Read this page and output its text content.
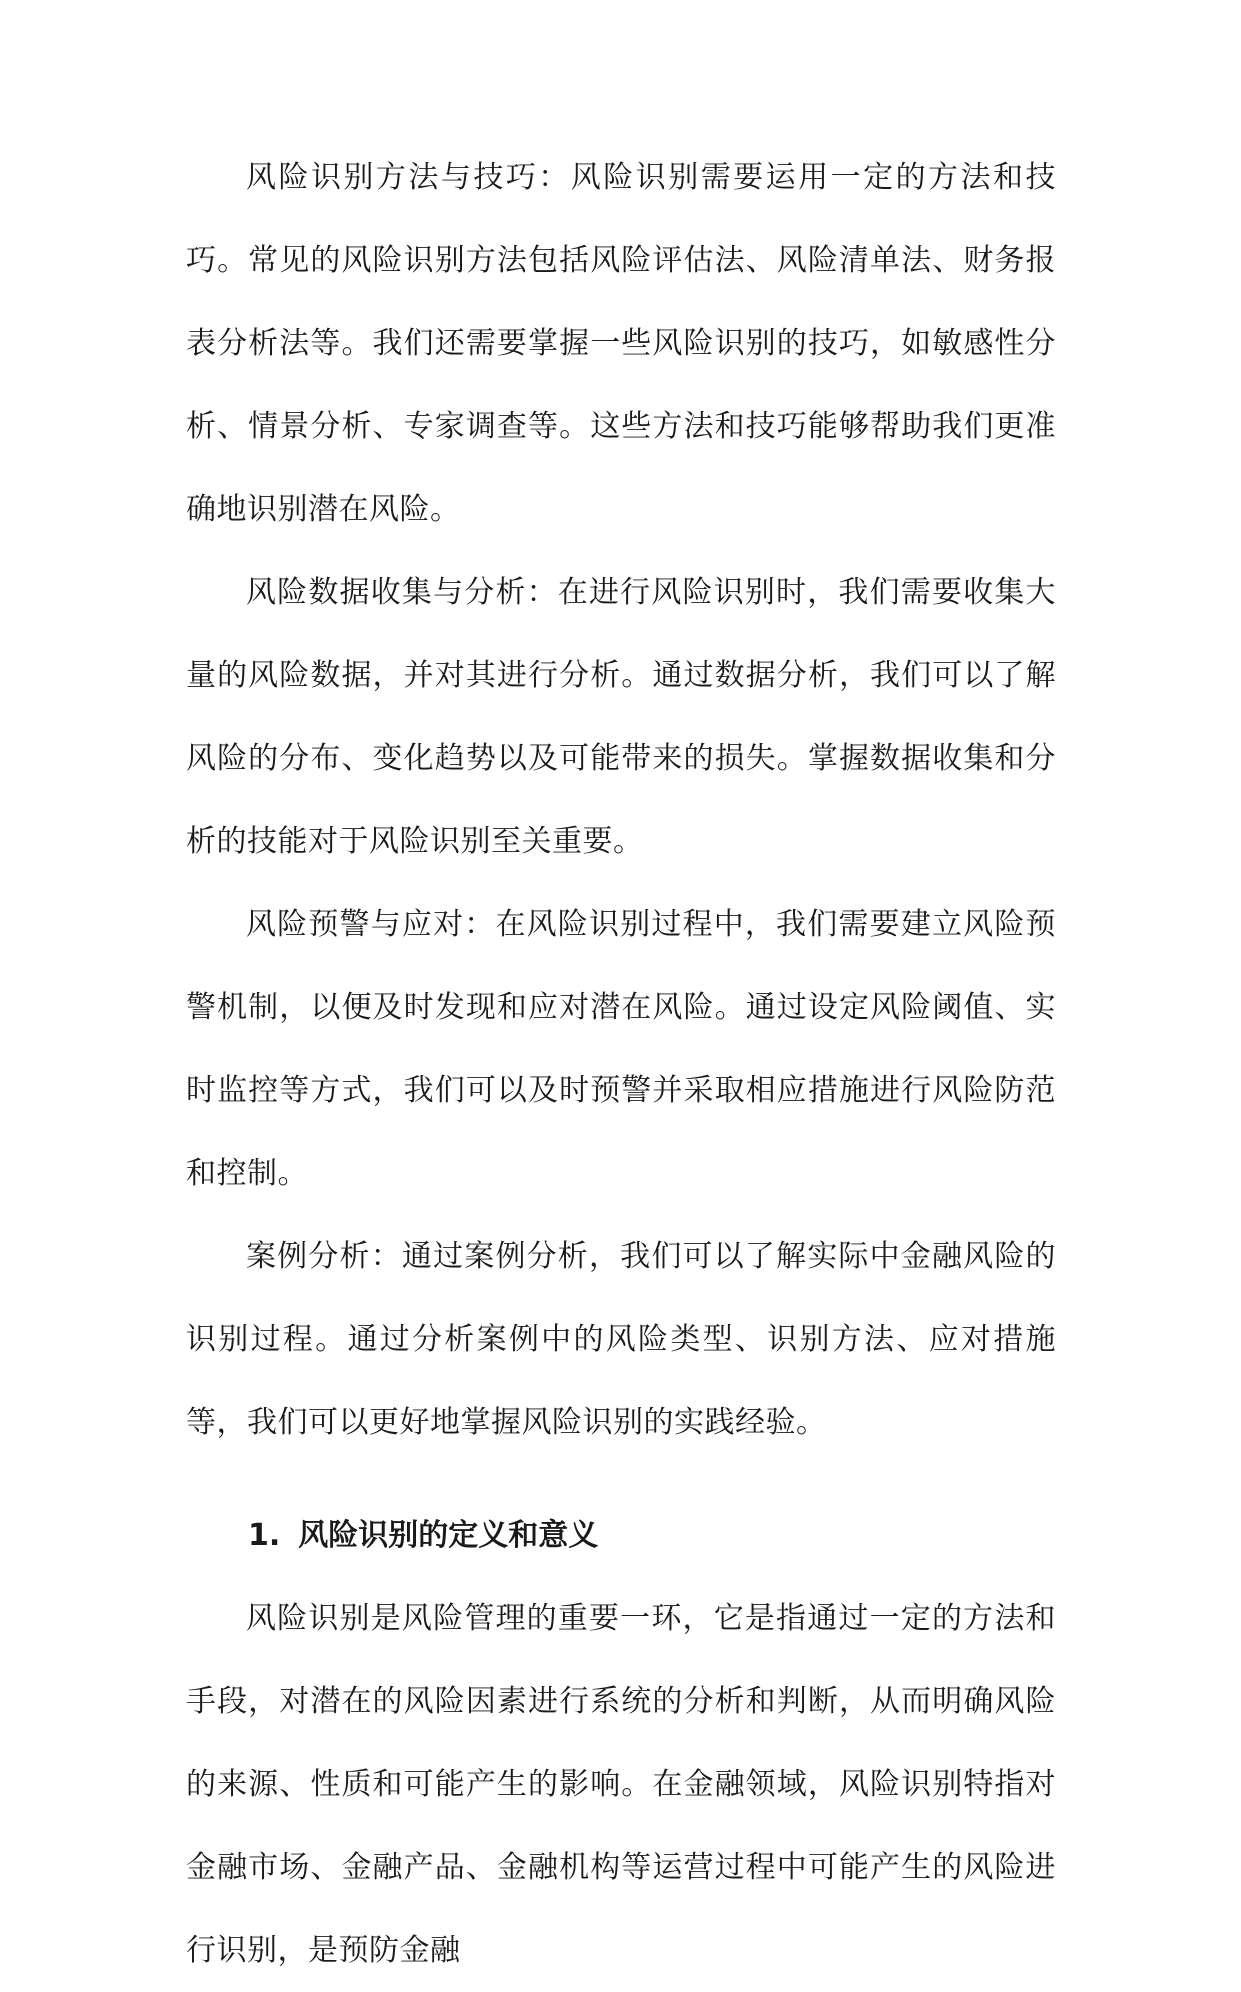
风险识别方法与技巧：风险识别需要运用一定的方法和技巧。常见的风险识别方法包括风险评估法、风险清单法、财务报表分析法等。我们还需要掌握一些风险识别的技巧，如敏感性分析、情景分析、专家调查等。这些方法和技巧能够帮助我们更准确地识别潜在风险。

风险数据收集与分析：在进行风险识别时，我们需要收集大量的风险数据，并对其进行分析。通过数据分析，我们可以了解风险的分布、变化趋势以及可能带来的损失。掌握数据收集和分析的技能对于风险识别至关重要。

风险预警与应对：在风险识别过程中，我们需要建立风险预警机制，以便及时发现和应对潜在风险。通过设定风险阈值、实时监控等方式，我们可以及时预警并采取相应措施进行风险防范和控制。

案例分析：通过案例分析，我们可以了解实际中金融风险的识别过程。通过分析案例中的风险类型、识别方法、应对措施等，我们可以更好地掌握风险识别的实践经验。

1. 风险识别的定义和意义

风险识别是风险管理的重要一环，它是指通过一定的方法和手段，对潜在的风险因素进行系统的分析和判断，从而明确风险的来源、性质和可能产生的影响。在金融领域，风险识别特指对金融市场、金融产品、金融机构等运营过程中可能产生的风险进行识别，是预防金融
